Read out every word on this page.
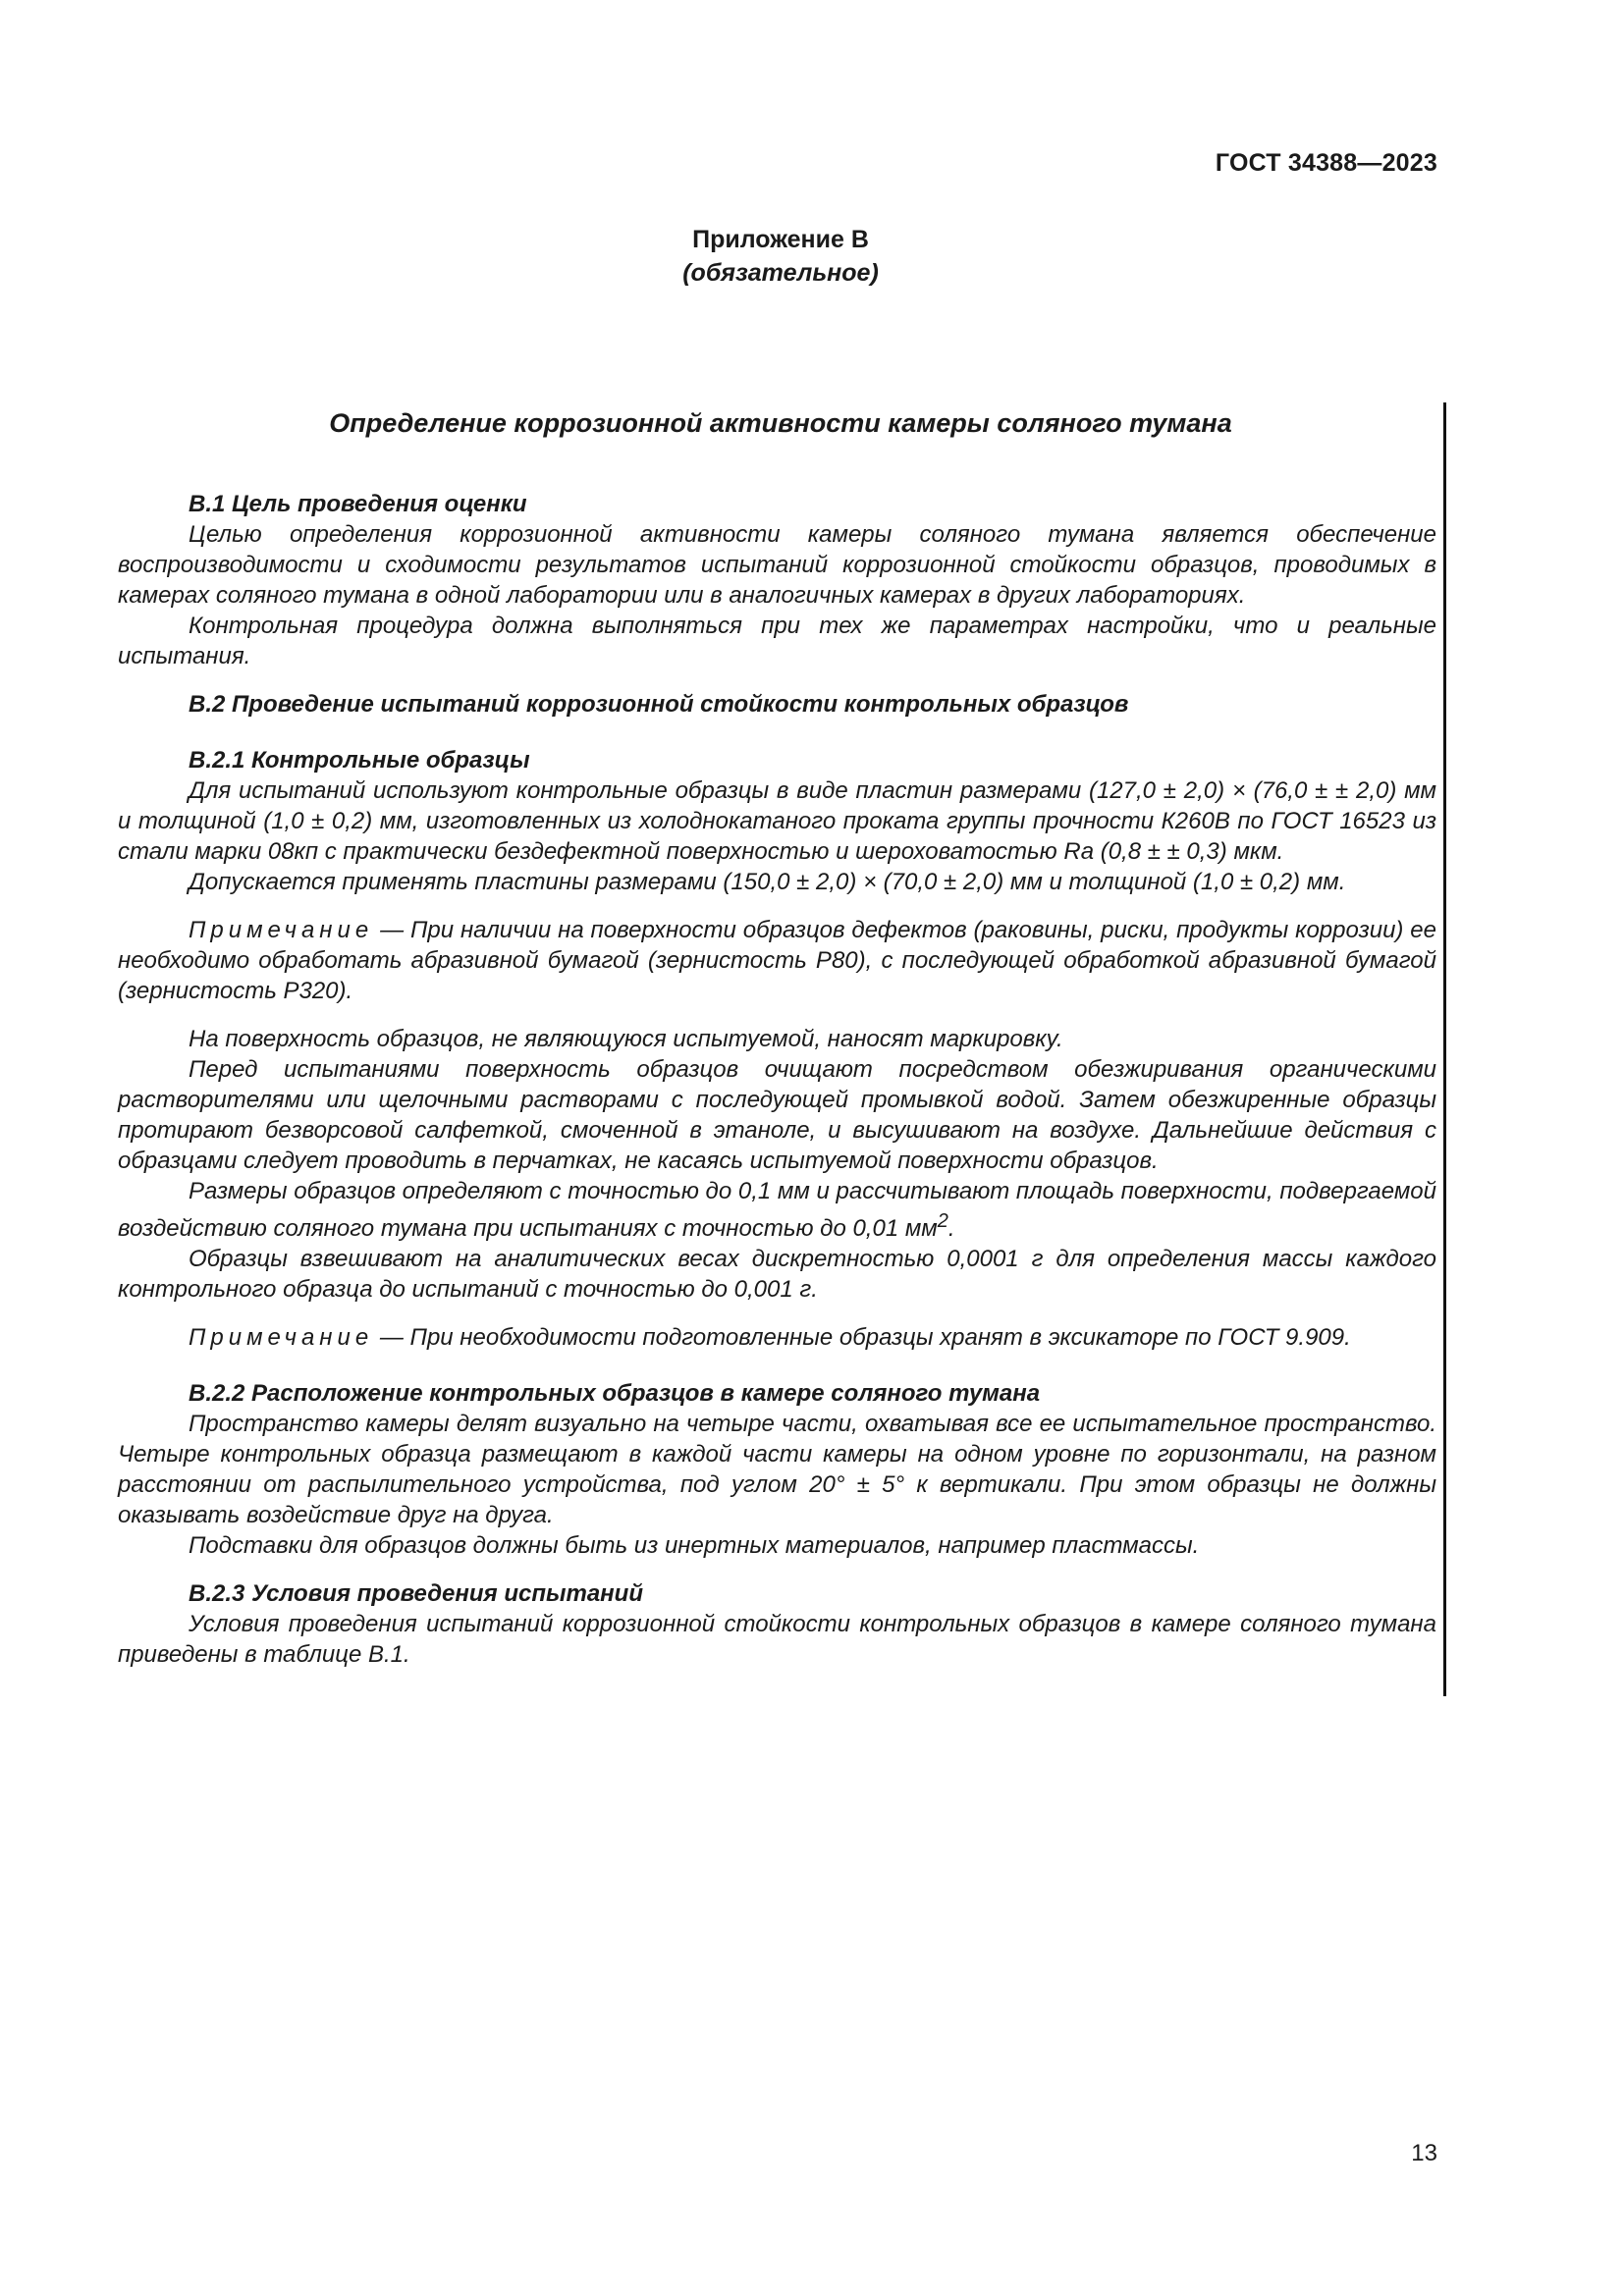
ГОСТ 34388—2023
Приложение В
(обязательное)
Определение коррозионной активности камеры соляного тумана
В.1 Цель проведения оценки

Целью определения коррозионной активности камеры соляного тумана является обеспечение воспроизводимости и сходимости результатов испытаний коррозионной стойкости образцов, проводимых в камерах соляного тумана в одной лаборатории или в аналогичных камерах в других лабораториях.

Контрольная процедура должна выполняться при тех же параметрах настройки, что и реальные испытания.

В.2 Проведение испытаний коррозионной стойкости контрольных образцов
В.2.1 Контрольные образцы

Для испытаний используют контрольные образцы в виде пластин размерами (127,0 ± 2,0) × (76,0 ± ± 2,0) мм и толщиной (1,0 ± 0,2) мм, изготовленных из холоднокатаного проката группы прочности К260В по ГОСТ 16523 из стали марки 08кп с практически бездефектной поверхностью и шероховатостью Ra (0,8 ± ± 0,3) мкм.

Допускается применять пластины размерами (150,0 ± 2,0) × (70,0 ± 2,0) мм и толщиной (1,0 ± 0,2) мм.

Примечание — При наличии на поверхности образцов дефектов (раковины, риски, продукты коррозии) ее необходимо обработать абразивной бумагой (зернистость Р80), с последующей обработкой абразивной бумагой (зернистость Р320).

На поверхность образцов, не являющуюся испытуемой, наносят маркировку.

Перед испытаниями поверхность образцов очищают посредством обезжиривания органическими растворителями или щелочными растворами с последующей промывкой водой. Затем обезжиренные образцы протирают безворсовой салфеткой, смоченной в этаноле, и высушивают на воздухе. Дальнейшие действия с образцами следует проводить в перчатках, не касаясь испытуемой поверхности образцов.

Размеры образцов определяют с точностью до 0,1 мм и рассчитывают площадь поверхности, подвергаемой воздействию соляного тумана при испытаниях с точностью до 0,01 $мм^2$.

Образцы взвешивают на аналитических весах дискретностью 0,0001 г для определения массы каждого контрольного образца до испытаний с точностью до 0,001 г.

Примечание — При необходимости подготовленные образцы хранят в эксикаторе по ГОСТ 9.909.

В.2.2 Расположение контрольных образцов в камере соляного тумана

Пространство камеры делят визуально на четыре части, охватывая все ее испытательное пространство. Четыре контрольных образца размещают в каждой части камеры на одном уровне по горизонтали, на разном расстоянии от распылительного устройства, под углом 20° ± 5° к вертикали. При этом образцы не должны оказывать воздействие друг на друга.

Подставки для образцов должны быть из инертных материалов, например пластмассы.

В.2.3 Условия проведения испытаний

Условия проведения испытаний коррозионной стойкости контрольных образцов в камере соляного тумана приведены в таблице В.1.

13
